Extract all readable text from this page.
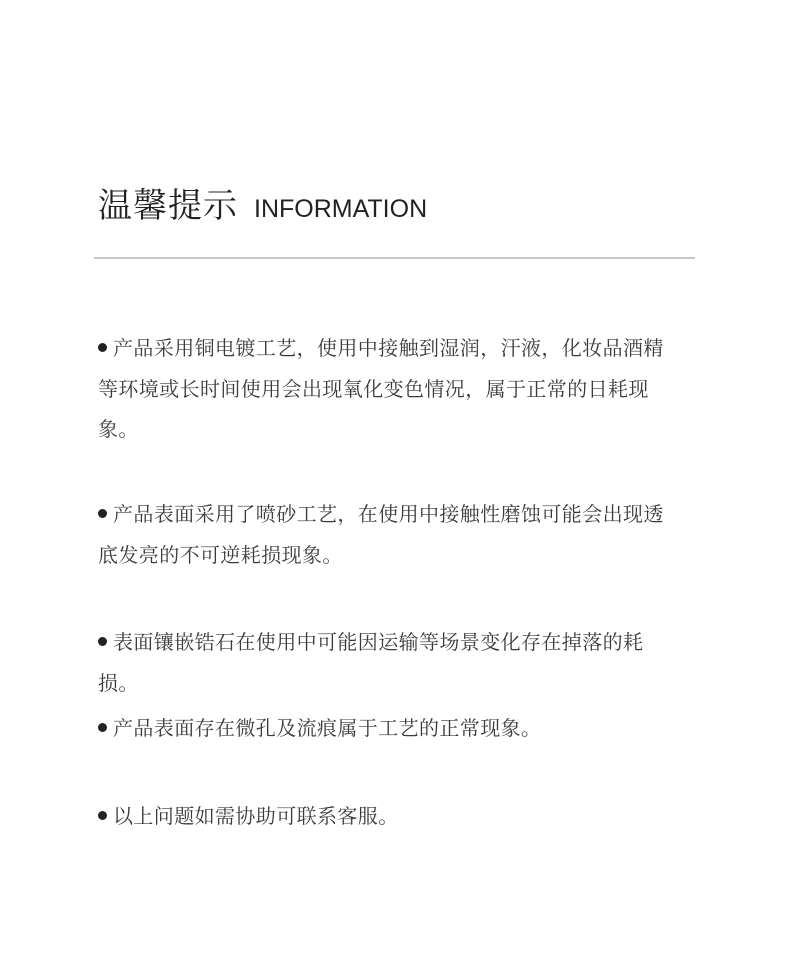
温馨提示 INFORMATION
产品采用铜电镀工艺，使用中接触到湿润，汗液，化妆品酒精等环境或长时间使用会出现氧化变色情况，属于正常的日耗现象。
产品表面采用了喷砂工艺，在使用中接触性磨蚀可能会出现透底发亮的不可逆耗损现象。
表面镶嵌锆石在使用中可能因运输等场景变化存在掉落的耗损。
产品表面存在微孔及流痕属于工艺的正常现象。
以上问题如需协助可联系客服。
